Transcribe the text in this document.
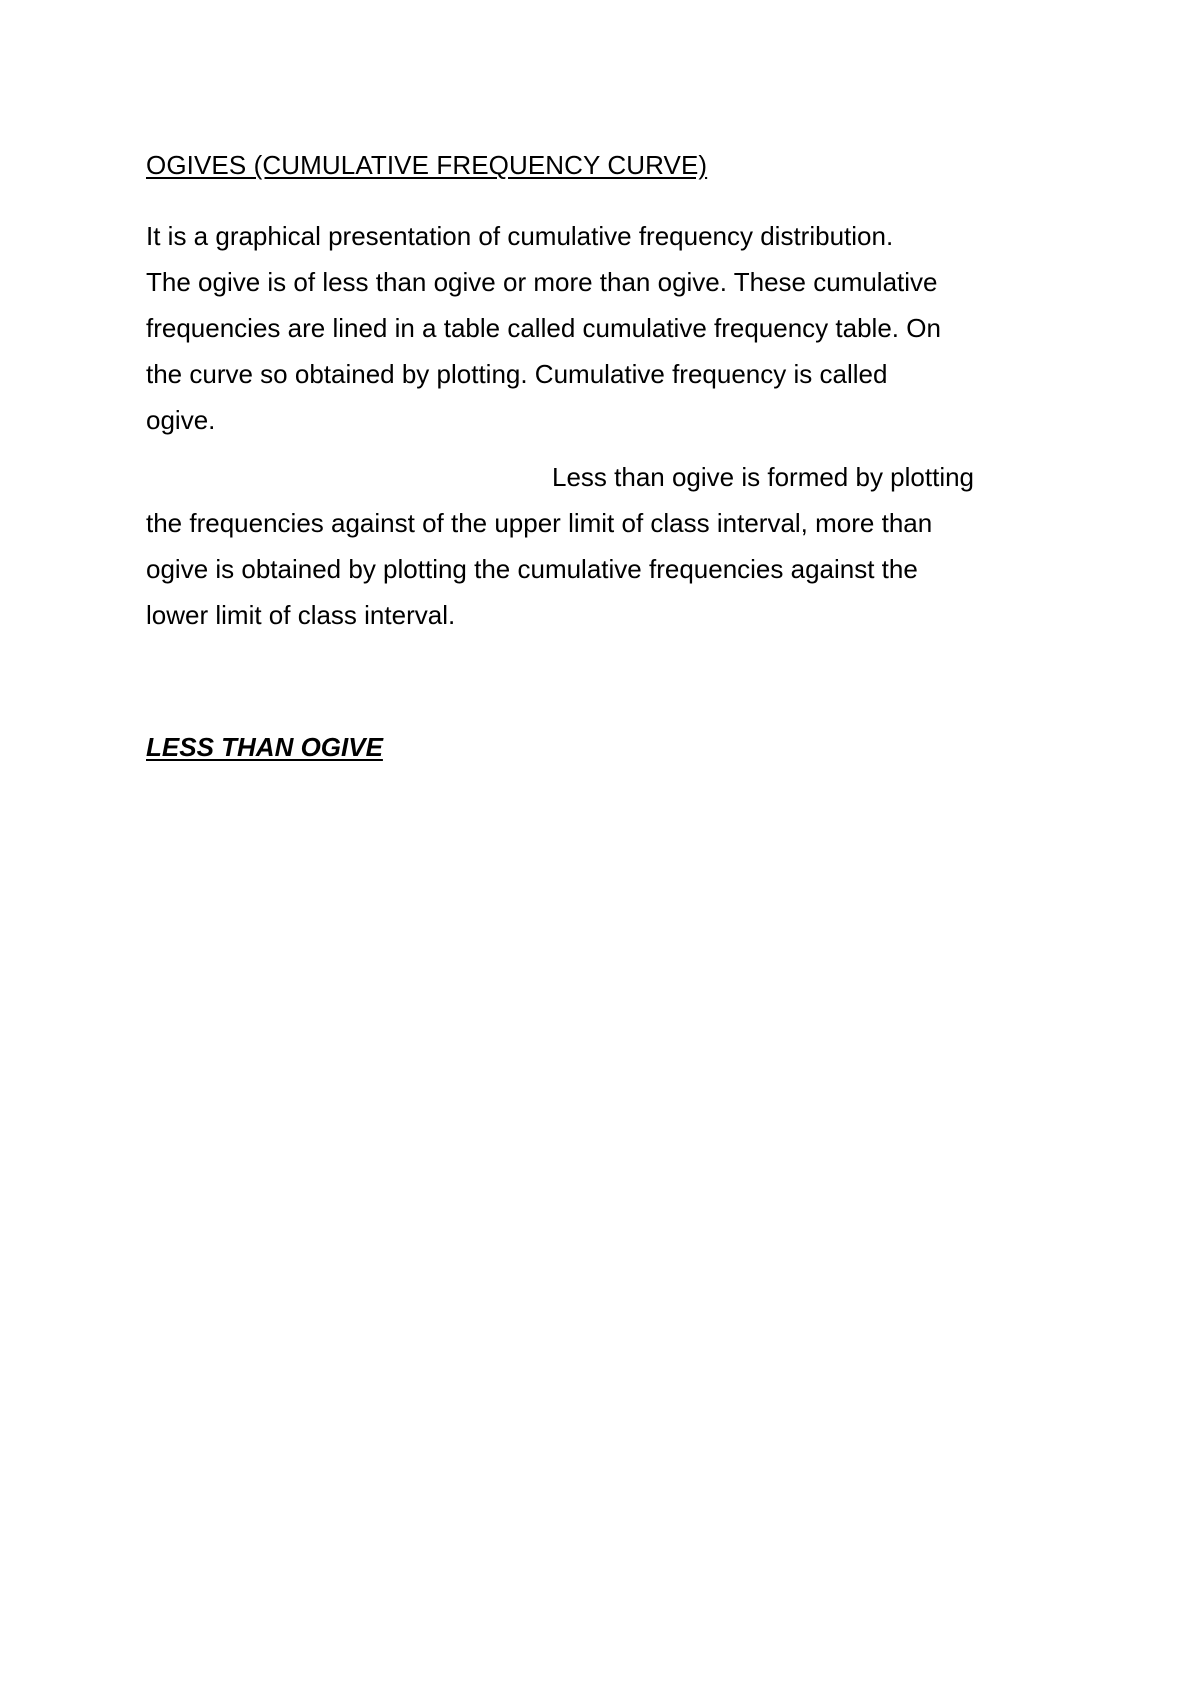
OGIVES (CUMULATIVE FREQUENCY CURVE)

It is a graphical presentation of cumulative frequency distribution.
The ogive is of less than ogive or more than ogive. These cumulative
frequencies are lined in a table called cumulative frequency table. On
the curve so obtained by plotting. Cumulative frequency is called
ogive.

Less than ogive is formed by plotting
the frequencies against of the upper limit of class interval, more than
ogive is obtained by plotting the cumulative frequencies against the
lower limit of class interval.

LESS THAN OGIVE
